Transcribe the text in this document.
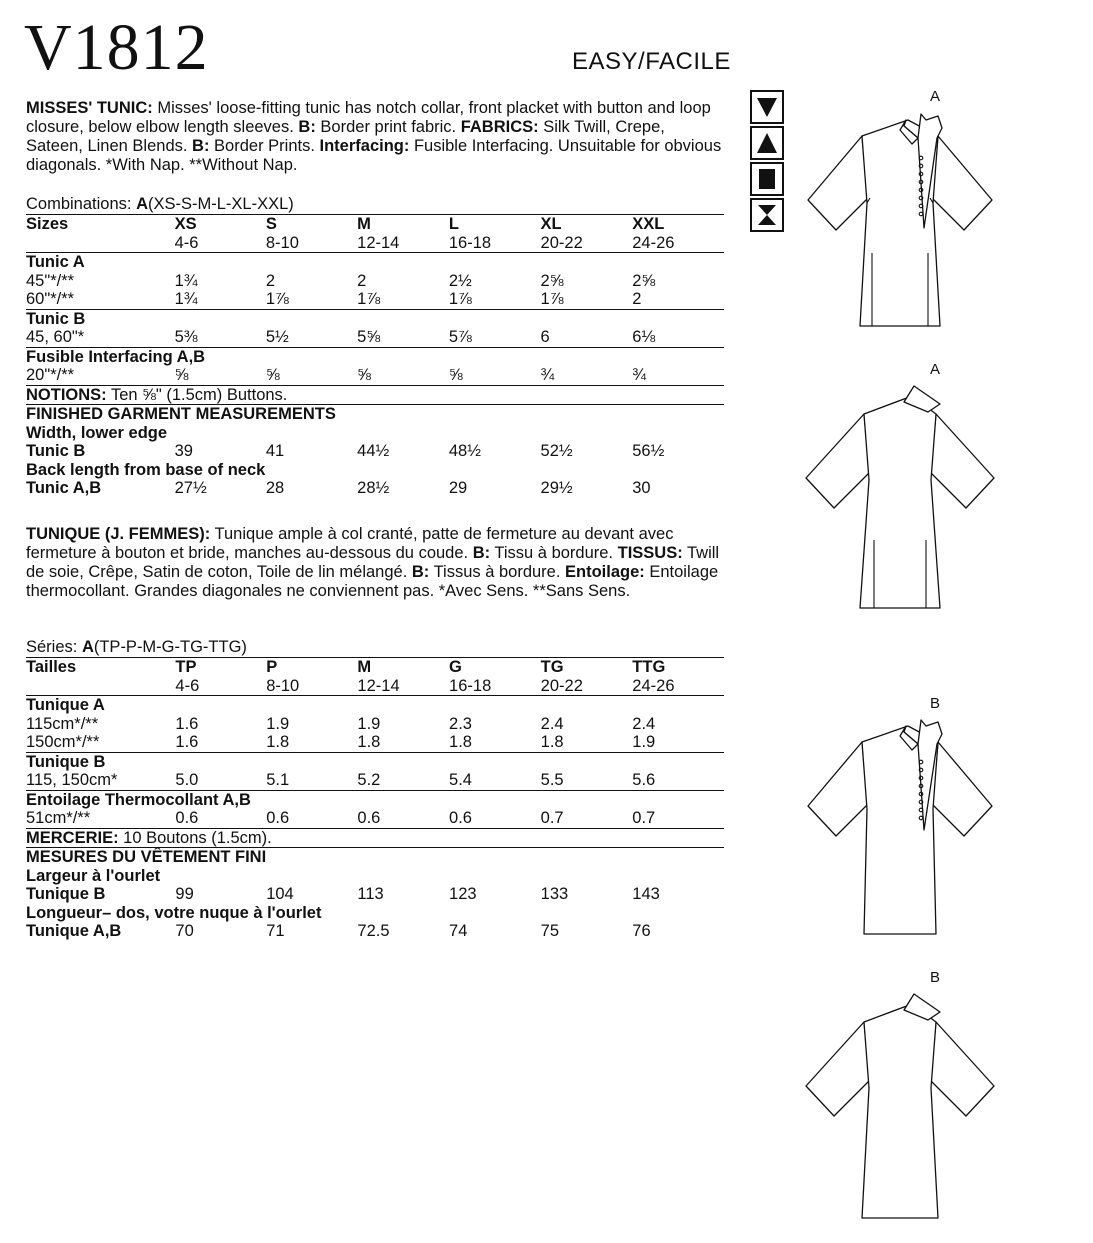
V1812	EASY/FACILE
MISSES' TUNIC: Misses' loose-fitting tunic has notch collar, front placket with button and loop closure, below elbow length sleeves. B: Border print fabric. FABRICS: Silk Twill, Crepe, Sateen, Linen Blends. B: Border Prints. Interfacing: Fusible Interfacing. Unsuitable for obvious diagonals. *With Nap. **Without Nap.
Combinations: A(XS-S-M-L-XL-XXL)
Sizes	XS	S	M	L	XL	XXL
	4-6	8-10	12-14	16-18	20-22	24-26
Tunic A						
45"*/**	1¾	2	2	2½	2⅝	2⅝
60"*/**	1¾	1⅞	1⅞	1⅞	1⅞	2
Tunic B						
45, 60"*	5⅜	5½	5⅝	5⅞	6	6⅛
Fusible Interfacing A,B						
20"*/**	⅝	⅝	⅝	⅝	¾	¾
NOTIONS: Ten ⅝" (1.5cm) Buttons.						
FINISHED GARMENT MEASUREMENTS						
Width, lower edge						
Tunic B	39	41	44½	48½	52½	56½
Back length from base of neck						
Tunic A,B	27½	28	28½	29	29½	30
TUNIQUE (J. FEMMES): Tunique ample à col cranté, patte de fermeture au devant avec fermeture à bouton et bride, manches au-dessous du coude. B: Tissu à bordure. TISSUS: Twill de soie, Crêpe, Satin de coton, Toile de lin mélangé. B: Tissus à bordure. Entoilage: Entoilage thermocollant. Grandes diagonales ne conviennent pas. *Avec Sens. **Sans Sens.
Séries: A(TP-P-M-G-TG-TTG)
Tailles	TP	P	M	G	TG	TTG
	4-6	8-10	12-14	16-18	20-22	24-26
Tunique A						
115cm*/**	1.6	1.9	1.9	2.3	2.4	2.4
150cm*/**	1.6	1.8	1.8	1.8	1.8	1.9
Tunique B						
115, 150cm*	5.0	5.1	5.2	5.4	5.5	5.6
Entoilage Thermocollant A,B						
51cm*/**	0.6	0.6	0.6	0.6	0.7	0.7
MERCERIE: 10 Boutons (1.5cm).						
MESURES DU VÊTEMENT FINI						
Largeur à l'ourlet						
Tunique B	99	104	113	123	133	143
Longueur– dos, votre nuque à l'ourlet						
Tunique A,B	70	71	72.5	74	75	76
A
A
B
B
